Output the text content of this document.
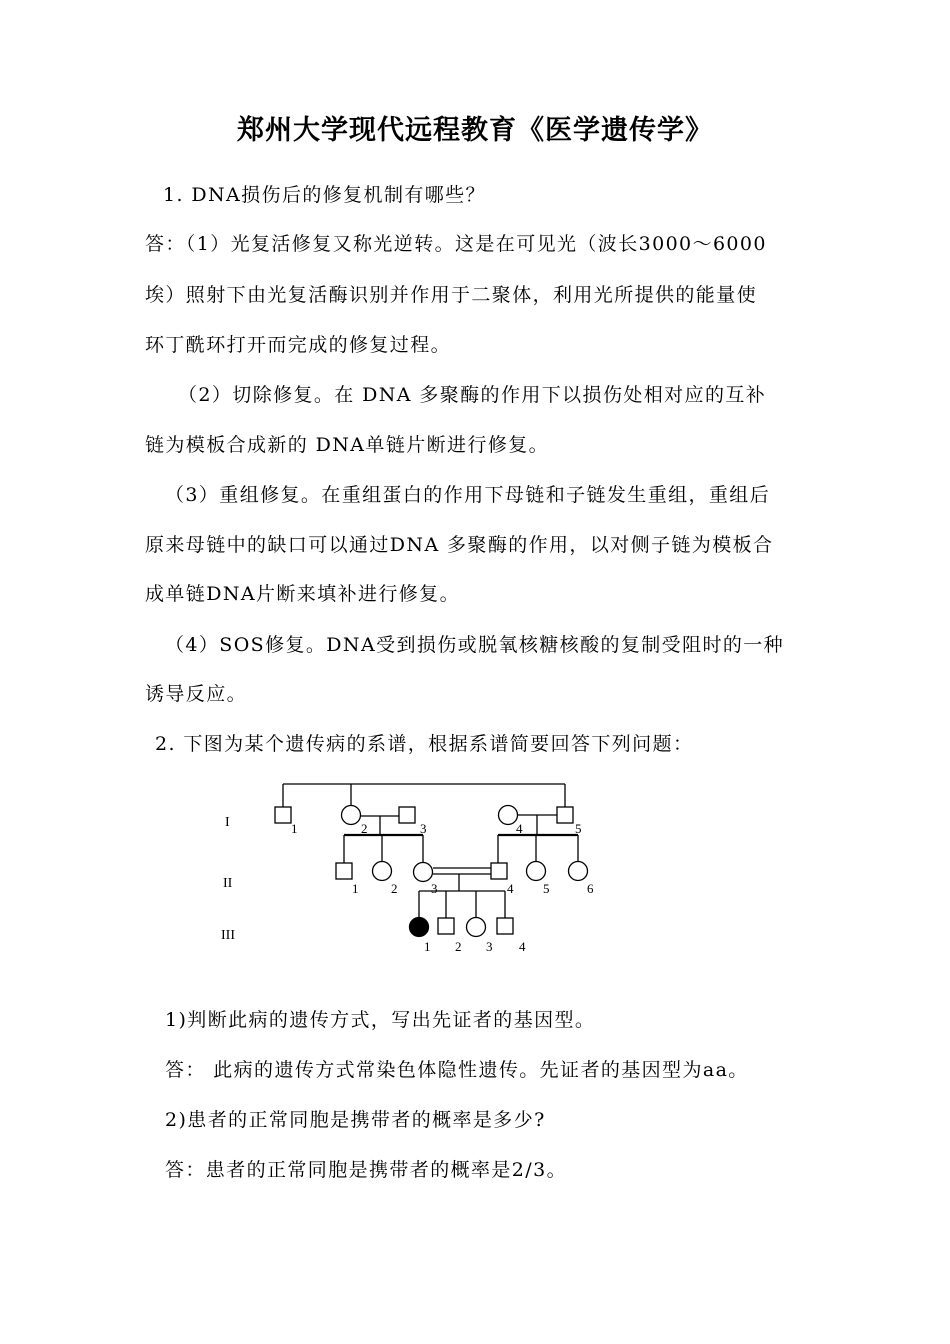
郑州大学现代远程教育《医学遗传学》
1. DNA损伤后的修复机制有哪些？
答：（1）光复活修复又称光逆转。这是在可见光（波长3000～6000
埃）照射下由光复活酶识别并作用于二聚体，利用光所提供的能量使
环丁酰环打开而完成的修复过程。
（2）切除修复。在 DNA 多聚酶的作用下以损伤处相对应的互补
链为模板合成新的 DNA单链片断进行修复。
（3）重组修复。在重组蛋白的作用下母链和子链发生重组，重组后
原来母链中的缺口可以通过DNA 多聚酶的作用，以对侧子链为模板合
成单链DNA片断来填补进行修复。
（4）SOS修复。DNA受到损伤或脱氧核糖核酸的复制受阻时的一种
诱导反应。
2. 下图为某个遗传病的系谱，根据系谱简要回答下列问题：
I
II
III
1	2	3	4	5
1	2	3	4 5	6
1 2 3 4
1)判断此病的遗传方式，写出先证者的基因型。
答： 此病的遗传方式常染色体隐性遗传。先证者的基因型为aa。
2)患者的正常同胞是携带者的概率是多少?
答：患者的正常同胞是携带者的概率是2/3。
